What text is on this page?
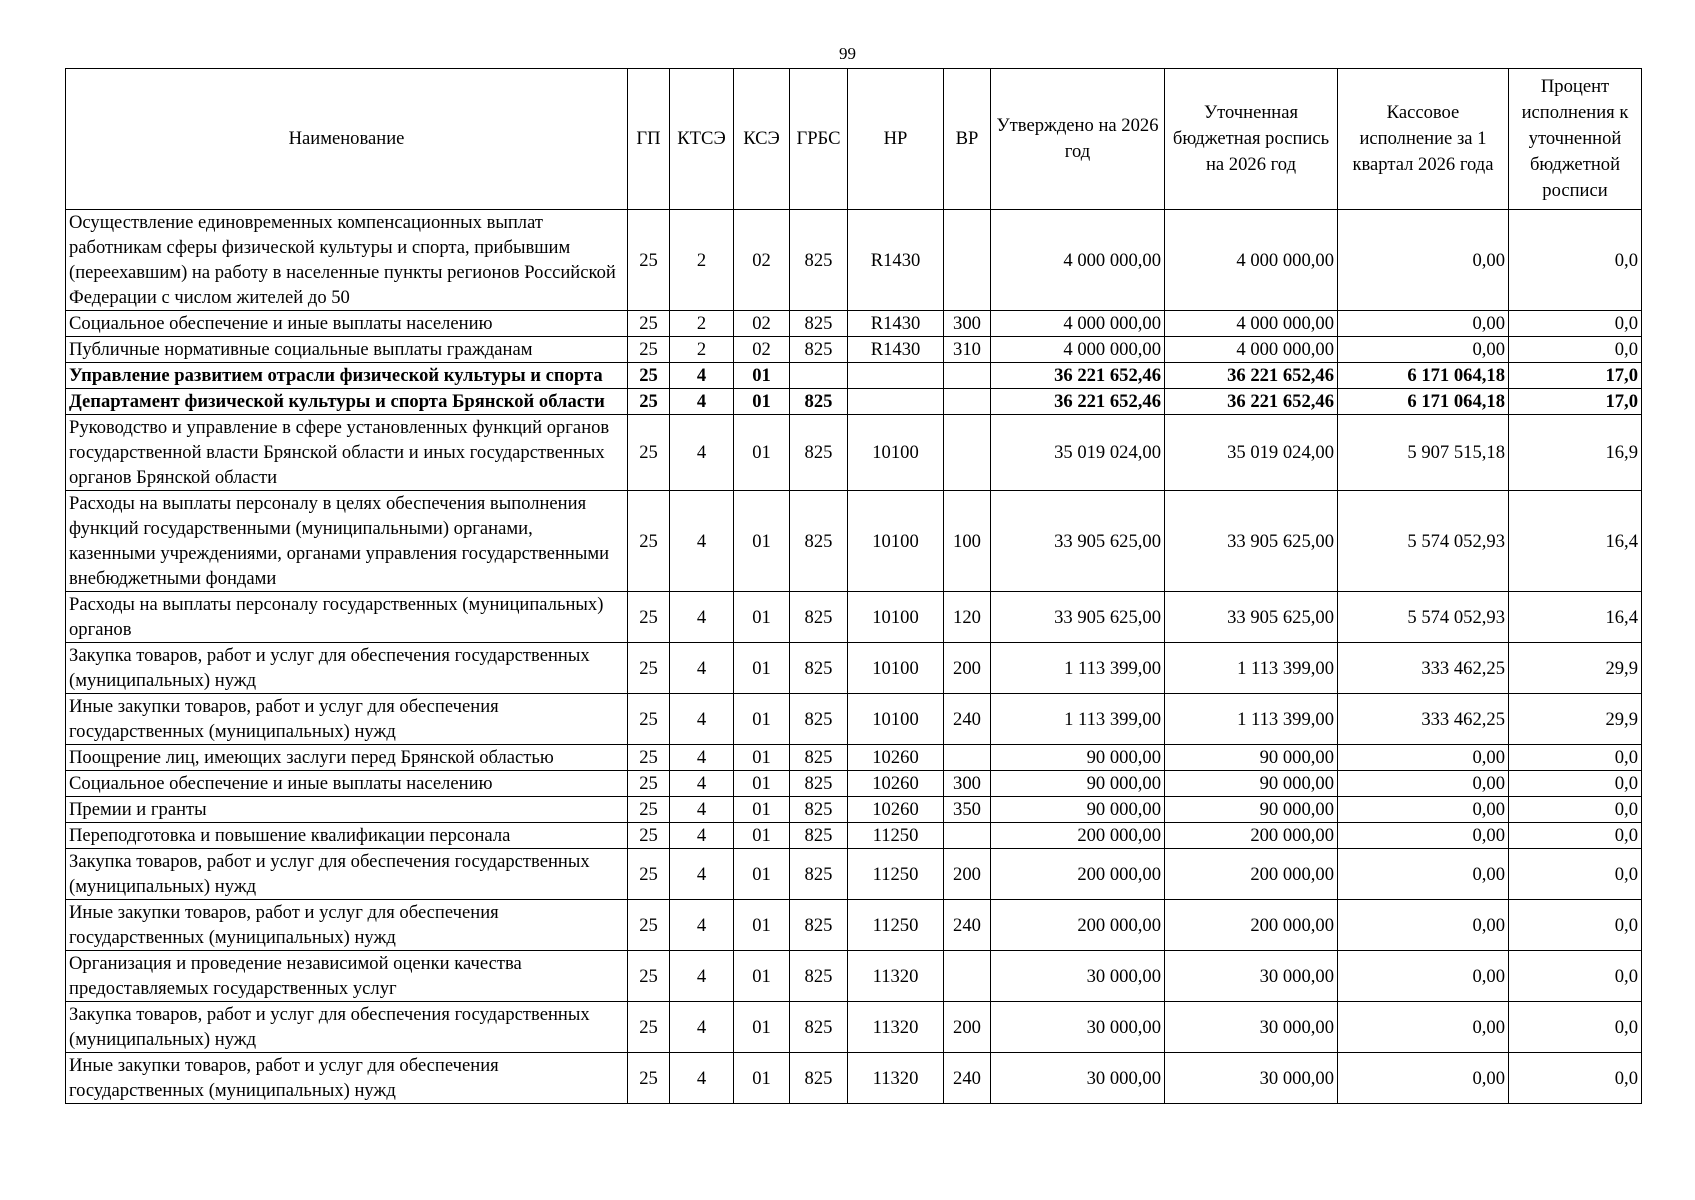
99
Наименование	ГП	КТСЭ	КСЭ	ГРБС	НР	ВР	Утверждено на 2026 год	Уточненная бюджетная роспись на 2026 год	Кассовое исполнение за 1 квартал 2026 года	Процент исполнения к уточненной бюджетной росписи
Осуществление единовременных компенсационных выплат работникам сферы физической культуры и спорта, прибывшим (переехавшим) на работу в населенные пункты регионов Российской Федерации с числом жителей до 50	25	2	02	825	R1430		4 000 000,00	4 000 000,00	0,00	0,0
Социальное обеспечение и иные выплаты населению	25	2	02	825	R1430	300	4 000 000,00	4 000 000,00	0,00	0,0
Публичные нормативные социальные выплаты гражданам	25	2	02	825	R1430	310	4 000 000,00	4 000 000,00	0,00	0,0
Управление развитием отрасли физической культуры и спорта	25	4	01				36 221 652,46	36 221 652,46	6 171 064,18	17,0
Департамент физической культуры и спорта Брянской области	25	4	01	825			36 221 652,46	36 221 652,46	6 171 064,18	17,0
Руководство и управление в сфере установленных функций органов государственной власти Брянской области и иных государственных органов Брянской области	25	4	01	825	10100		35 019 024,00	35 019 024,00	5 907 515,18	16,9
Расходы на выплаты персоналу в целях обеспечения выполнения функций государственными (муниципальными) органами, казенными учреждениями, органами управления государственными внебюджетными фондами	25	4	01	825	10100	100	33 905 625,00	33 905 625,00	5 574 052,93	16,4
Расходы на выплаты персоналу государственных (муниципальных) органов	25	4	01	825	10100	120	33 905 625,00	33 905 625,00	5 574 052,93	16,4
Закупка товаров, работ и услуг для обеспечения государственных (муниципальных) нужд	25	4	01	825	10100	200	1 113 399,00	1 113 399,00	333 462,25	29,9
Иные закупки товаров, работ и услуг для обеспечения государственных (муниципальных) нужд	25	4	01	825	10100	240	1 113 399,00	1 113 399,00	333 462,25	29,9
Поощрение лиц, имеющих заслуги перед Брянской областью	25	4	01	825	10260		90 000,00	90 000,00	0,00	0,0
Социальное обеспечение и иные выплаты населению	25	4	01	825	10260	300	90 000,00	90 000,00	0,00	0,0
Премии и гранты	25	4	01	825	10260	350	90 000,00	90 000,00	0,00	0,0
Переподготовка и повышение квалификации персонала	25	4	01	825	11250		200 000,00	200 000,00	0,00	0,0
Закупка товаров, работ и услуг для обеспечения государственных (муниципальных) нужд	25	4	01	825	11250	200	200 000,00	200 000,00	0,00	0,0
Иные закупки товаров, работ и услуг для обеспечения государственных (муниципальных) нужд	25	4	01	825	11250	240	200 000,00	200 000,00	0,00	0,0
Организация и проведение независимой оценки качества предоставляемых государственных услуг	25	4	01	825	11320		30 000,00	30 000,00	0,00	0,0
Закупка товаров, работ и услуг для обеспечения государственных (муниципальных) нужд	25	4	01	825	11320	200	30 000,00	30 000,00	0,00	0,0
Иные закупки товаров, работ и услуг для обеспечения государственных (муниципальных) нужд	25	4	01	825	11320	240	30 000,00	30 000,00	0,00	0,0
